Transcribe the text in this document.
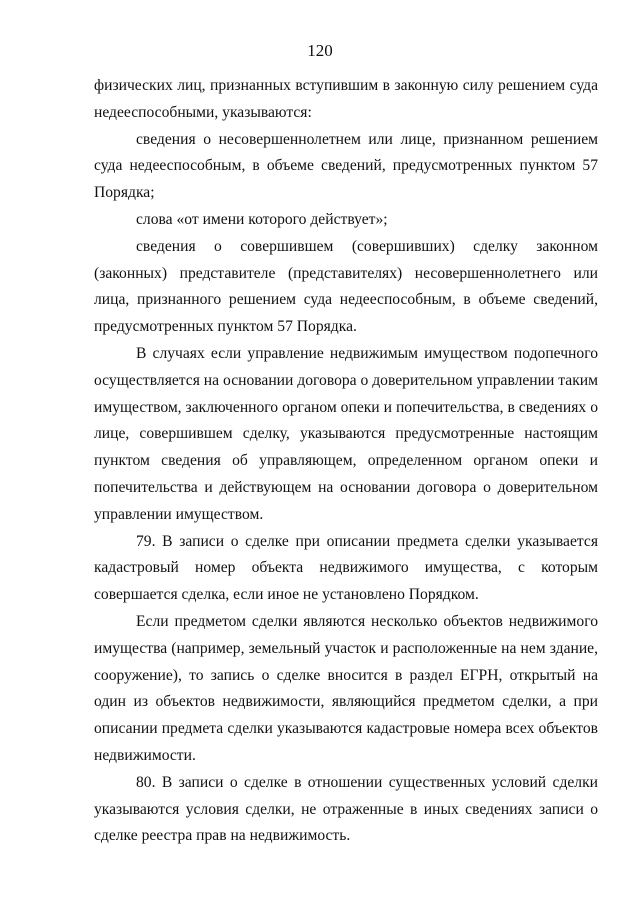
120

физических лиц, признанных вступившим в законную силу решением суда недееспособными, указываются:

сведения о несовершеннолетнем или лице, признанном решением суда недееспособным, в объеме сведений, предусмотренных пунктом 57 Порядка;

слова «от имени которого действует»;

сведения о совершившем (совершивших) сделку законном (законных) представителе (представителях) несовершеннолетнего или лица, признанного решением суда недееспособным, в объеме сведений, предусмотренных пунктом 57 Порядка.

В случаях если управление недвижимым имуществом подопечного осуществляется на основании договора о доверительном управлении таким имуществом, заключенного органом опеки и попечительства, в сведениях о лице, совершившем сделку, указываются предусмотренные настоящим пунктом сведения об управляющем, определенном органом опеки и попечительства и действующем на основании договора о доверительном управлении имуществом.

79. В записи о сделке при описании предмета сделки указывается кадастровый номер объекта недвижимого имущества, с которым совершается сделка, если иное не установлено Порядком.

Если предметом сделки являются несколько объектов недвижимого имущества (например, земельный участок и расположенные на нем здание, сооружение), то запись о сделке вносится в раздел ЕГРН, открытый на один из объектов недвижимости, являющийся предметом сделки, а при описании предмета сделки указываются кадастровые номера всех объектов недвижимости.

80. В записи о сделке в отношении существенных условий сделки указываются условия сделки, не отраженные в иных сведениях записи о сделке реестра прав на недвижимость.
